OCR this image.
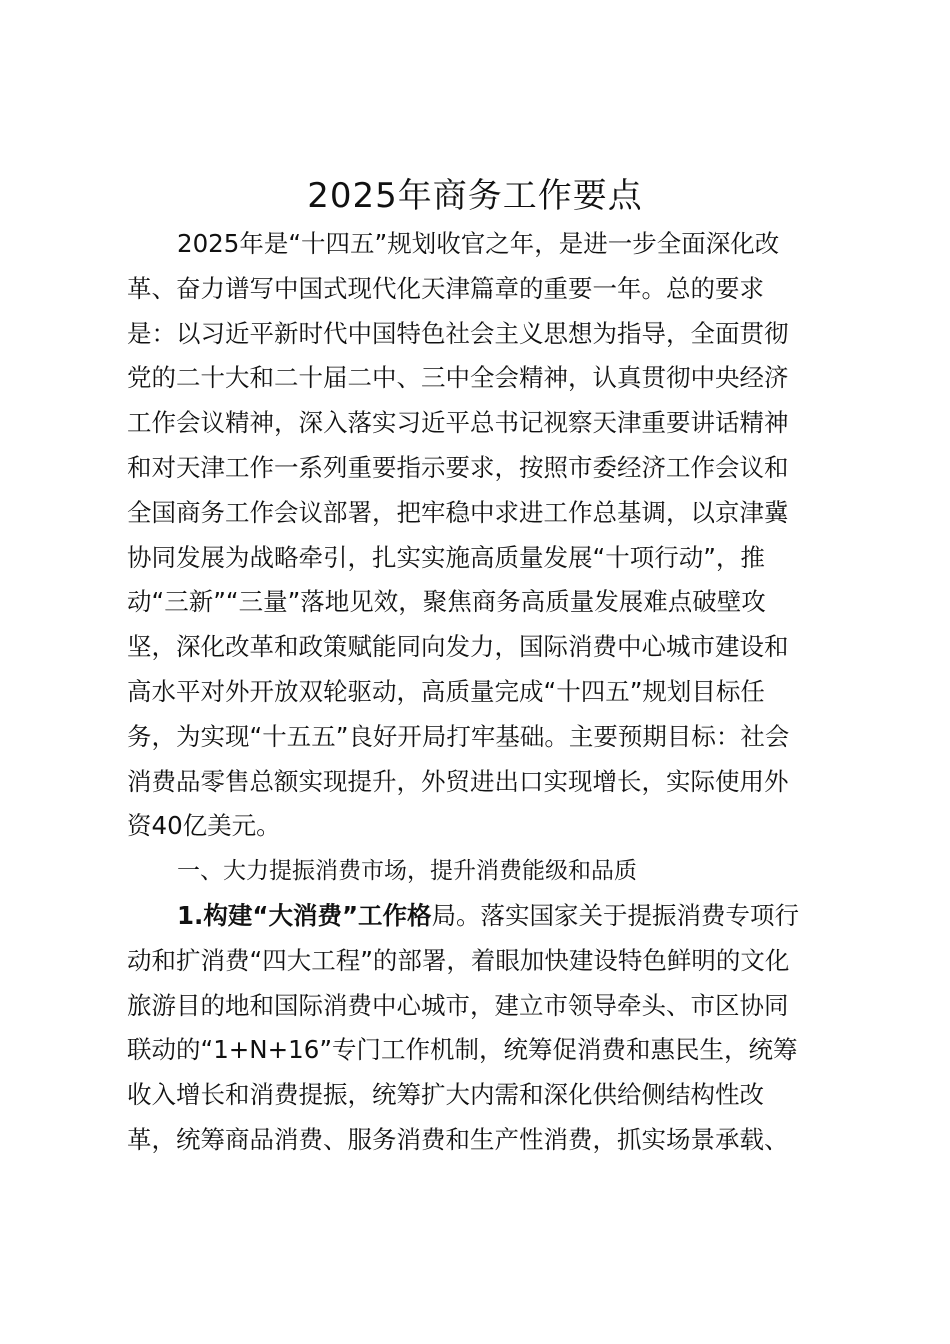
2025年商务工作要点
2025年是“十四五”规划收官之年，是进一步全面深化改
革、奋力谱写中国式现代化天津篇章的重要一年。总的要求
是：以习近平新时代中国特色社会主义思想为指导，全面贯彻
党的二十大和二十届二中、三中全会精神，认真贯彻中央经济
工作会议精神，深入落实习近平总书记视察天津重要讲话精神
和对天津工作一系列重要指示要求，按照市委经济工作会议和
全国商务工作会议部署，把牢稳中求进工作总基调，以京津冀
协同发展为战略牵引，扎实实施高质量发展“十项行动”，推
动“三新”“三量”落地见效，聚焦商务高质量发展难点破壁攻
坚，深化改革和政策赋能同向发力，国际消费中心城市建设和
高水平对外开放双轮驱动，高质量完成“十四五”规划目标任
务，为实现“十五五”良好开局打牢基础。主要预期目标：社会
消费品零售总额实现提升，外贸进出口实现增长，实际使用外
资40亿美元。
一、大力提振消费市场，提升消费能级和品质
1.构建“大消费”工作格局。落实国家关于提振消费专项行
动和扩消费“四大工程”的部署，着眼加快建设特色鲜明的文化
旅游目的地和国际消费中心城市，建立市领导牵头、市区协同
联动的“1+N+16”专门工作机制，统筹促消费和惠民生，统筹
收入增长和消费提振，统筹扩大内需和深化供给侧结构性改
革，统筹商品消费、服务消费和生产性消费，抓实场景承载、
